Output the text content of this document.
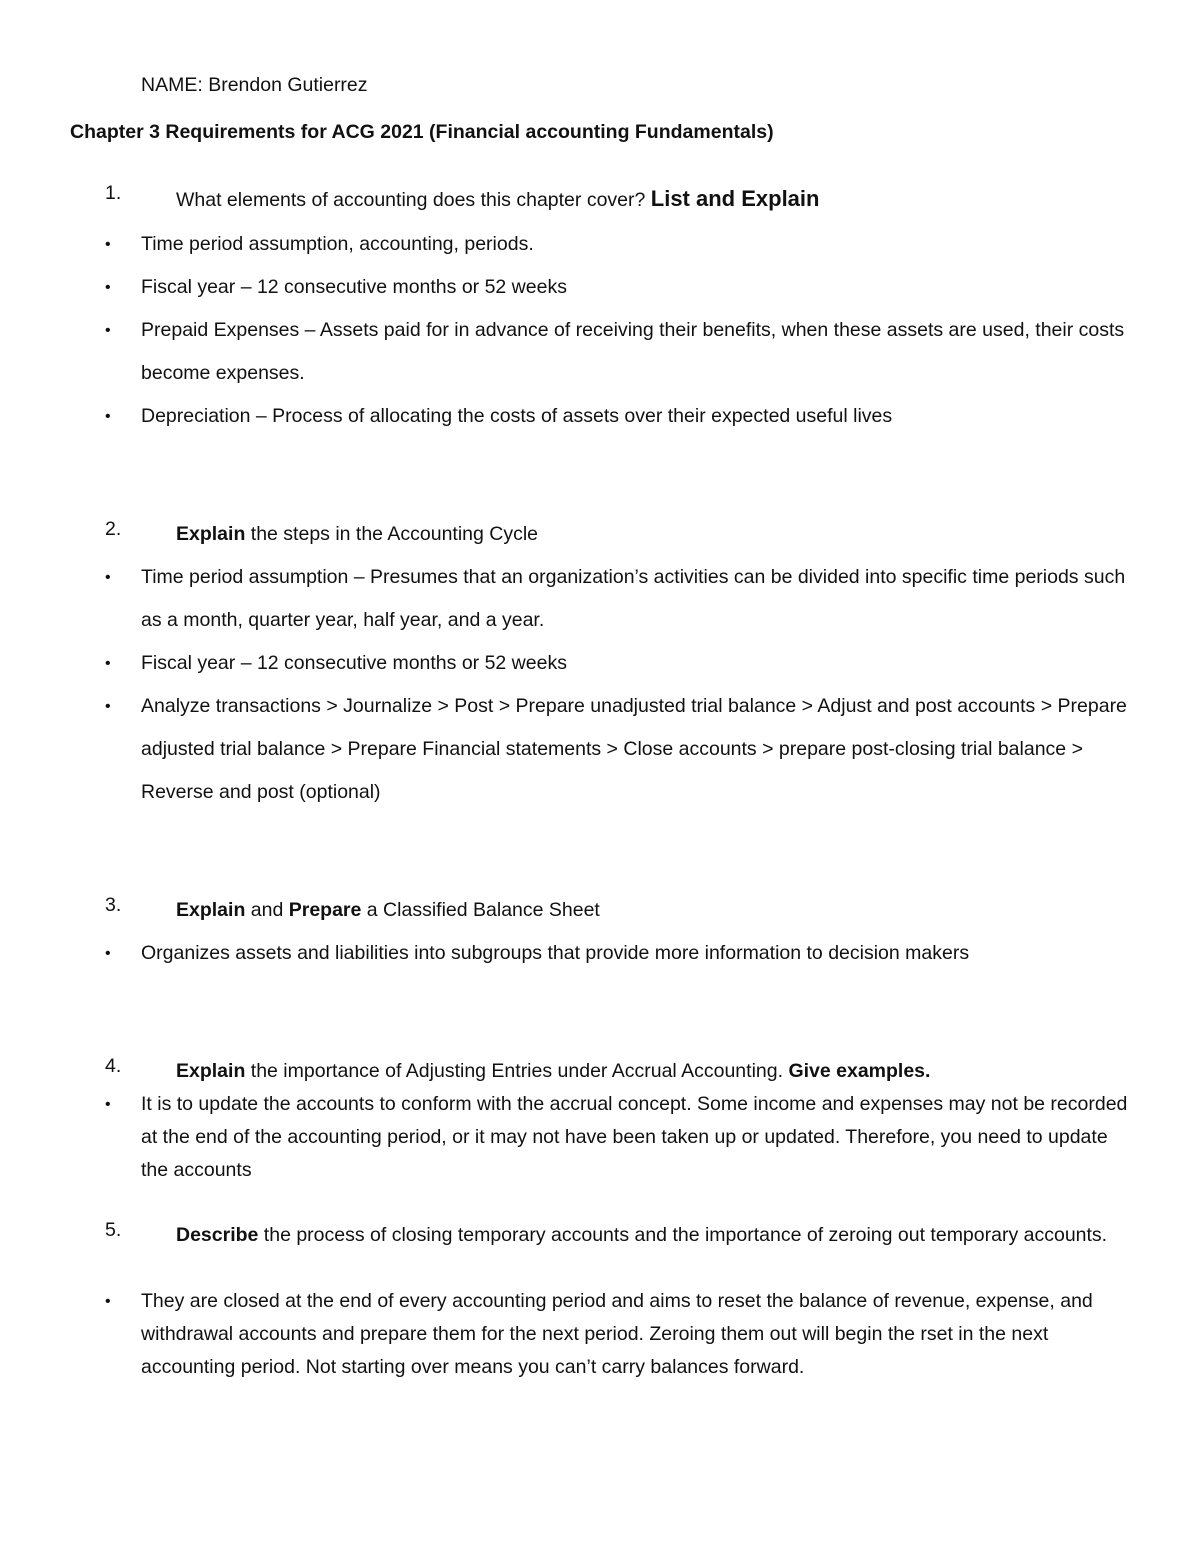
NAME: Brendon Gutierrez
Chapter 3 Requirements for ACG 2021 (Financial accounting Fundamentals)
1.	What elements of accounting does this chapter cover? List and Explain
• Time period assumption, accounting, periods.
• Fiscal year – 12 consecutive months or 52 weeks
• Prepaid Expenses – Assets paid for in advance of receiving their benefits, when these assets are used, their costs become expenses.
• Depreciation – Process of allocating the costs of assets over their expected useful lives
2.	Explain the steps in the Accounting Cycle
• Time period assumption – Presumes that an organization’s activities can be divided into specific time periods such as a month, quarter year, half year, and a year.
• Fiscal year – 12 consecutive months or 52 weeks
• Analyze transactions > Journalize > Post > Prepare unadjusted trial balance > Adjust and post accounts > Prepare adjusted trial balance > Prepare Financial statements > Close accounts > prepare post-closing trial balance > Reverse and post (optional)
3.	Explain and Prepare a Classified Balance Sheet
• Organizes assets and liabilities into subgroups that provide more information to decision makers
4.	Explain the importance of Adjusting Entries under Accrual Accounting. Give examples.
• It is to update the accounts to conform with the accrual concept. Some income and expenses may not be recorded at the end of the accounting period, or it may not have been taken up or updated. Therefore, you need to update the accounts
5.	Describe the process of closing temporary accounts and the importance of zeroing out temporary accounts.
• They are closed at the end of every accounting period and aims to reset the balance of revenue, expense, and withdrawal accounts and prepare them for the next period. Zeroing them out will begin the rset in the next accounting period. Not starting over means you can’t carry balances forward.
